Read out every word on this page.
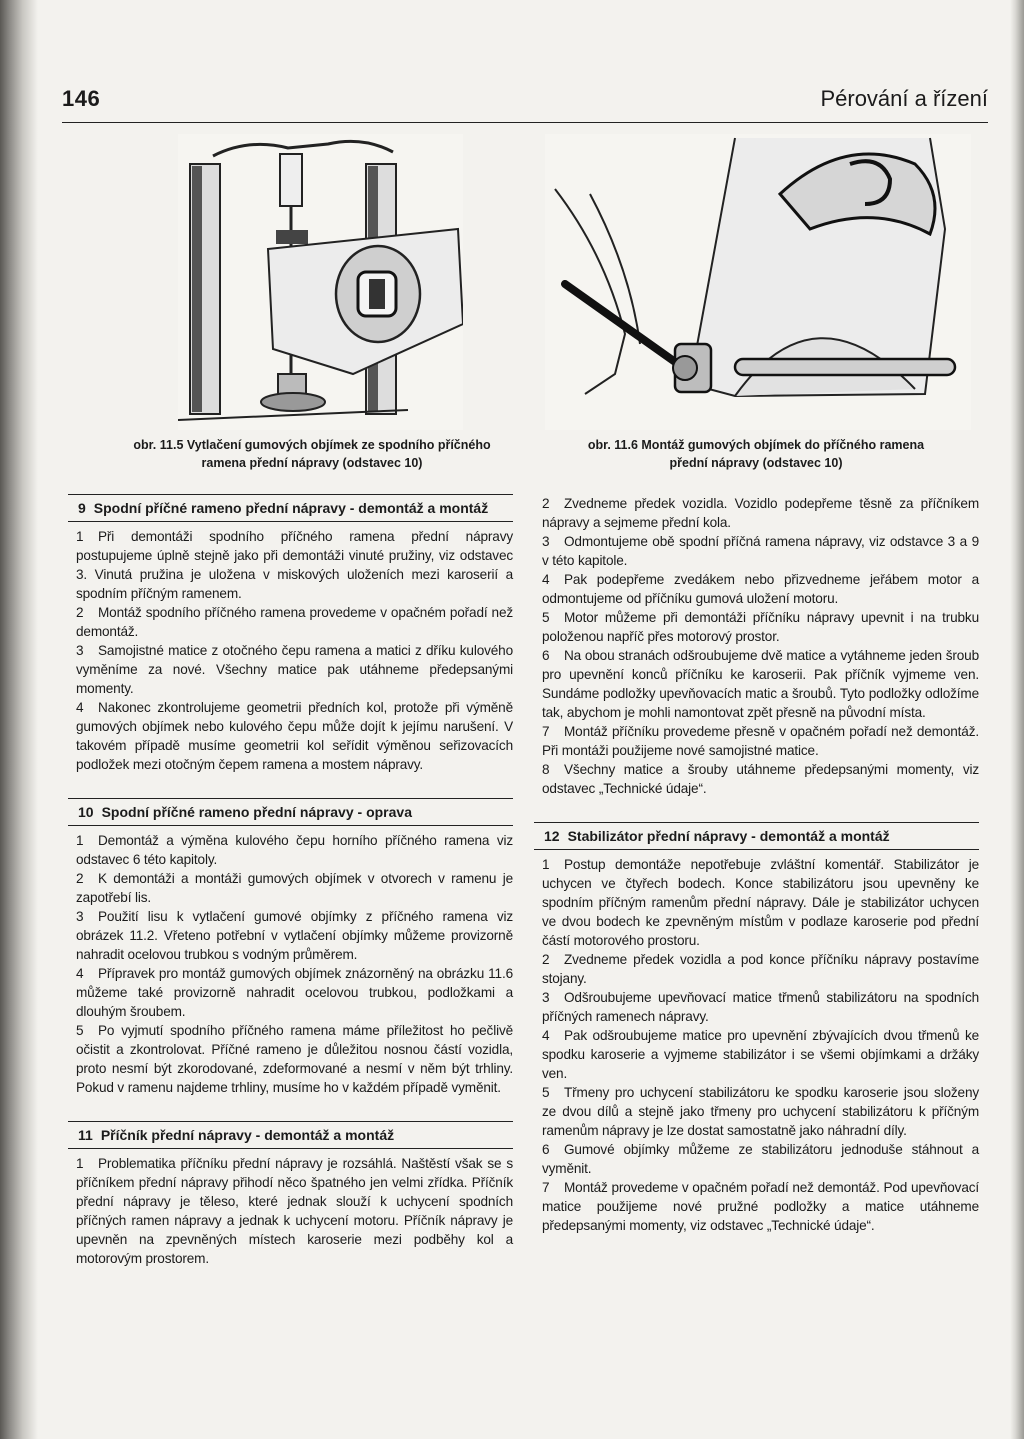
146	Pérování a řízení
obr. 11.5 Vytlačení gumových objímek ze spodního příčného
ramena přední nápravy (odstavec 10)
obr. 11.6 Montáž gumových objímek do příčného ramena
přední nápravy (odstavec 10)
9 Spodní příčné rameno přední nápravy - demontáž a montáž

1 Při demontáži spodního příčného ramena přední nápravy postupujeme úplně stejně jako při demontáži vinuté pružiny, viz odstavec 3. Vinutá pružina je uložena v miskových uloženích mezi karoserií a spodním příčným ramenem.

2 Montáž spodního příčného ramena provedeme v opačném pořadí než demontáž.

3 Samojistné matice z otočného čepu ramena a matici z dříku kulového vyměníme za nové. Všechny matice pak utáhneme předepsanými momenty.

4 Nakonec zkontrolujeme geometrii předních kol, protože při výměně gumových objímek nebo kulového čepu může dojít k jejímu narušení. V takovém případě musíme geometrii kol seřídit výměnou seřizovacích podložek mezi otočným čepem ramena a mostem nápravy.

10 Spodní příčné rameno přední nápravy - oprava

1 Demontáž a výměna kulového čepu horního příčného ramena viz odstavec 6 této kapitoly.

2 K demontáži a montáži gumových objímek v otvorech v ramenu je zapotřebí lis.

3 Použití lisu k vytlačení gumové objímky z příčného ramena viz obrázek 11.2. Vřeteno potřební v vytlačení objímky můžeme provizorně nahradit ocelovou trubkou s vodným průměrem.

4 Přípravek pro montáž gumových objímek znázorněný na obrázku 11.6 můžeme také provizorně nahradit ocelovou trubkou, podložkami a dlouhým šroubem.

5 Po vyjmutí spodního příčného ramena máme příležitost ho pečlivě očistit a zkontrolovat. Příčné rameno je důležitou nosnou částí vozidla, proto nesmí být zkorodované, zdeformované a nesmí v něm být trhliny. Pokud v ramenu najdeme trhliny, musíme ho v každém případě vyměnit.

11 Příčník přední nápravy - demontáž a montáž

1 Problematika příčníku přední nápravy je rozsáhlá. Naštěstí však se s příčníkem přední nápravy přihodí něco špatného jen velmi zřídka. Příčník přední nápravy je těleso, které jednak slouží k uchycení spodních příčných ramen nápravy a jednak k uchycení motoru. Příčník nápravy je upevněn na zpevněných místech karoserie mezi podběhy kol a motorovým prostorem.

2 Zvedneme předek vozidla. Vozidlo podepřeme těsně za příčníkem nápravy a sejmeme přední kola.

3 Odmontujeme obě spodní příčná ramena nápravy, viz odstavce 3 a 9 v této kapitole.

4 Pak podepřeme zvedákem nebo přizvedneme jeřábem motor a odmontujeme od příčníku gumová uložení motoru.

5 Motor můžeme při demontáži příčníku nápravy upevnit i na trubku položenou napříč přes motorový prostor.

6 Na obou stranách odšroubujeme dvě matice a vytáhneme jeden šroub pro upevnění konců příčníku ke karoserii. Pak příčník vyjmeme ven. Sundáme podložky upevňovacích matic a šroubů. Tyto podložky odložíme tak, abychom je mohli namontovat zpět přesně na původní místa.

7 Montáž příčníku provedeme přesně v opačném pořadí než demontáž. Při montáži použijeme nové samojistné matice.

8 Všechny matice a šrouby utáhneme předepsanými momenty, viz odstavec „Technické údaje“.

12 Stabilizátor přední nápravy - demontáž a montáž

1 Postup demontáže nepotřebuje zvláštní komentář. Stabilizátor je uchycen ve čtyřech bodech. Konce stabilizátoru jsou upevněny ke spodním příčným ramenům přední nápravy. Dále je stabilizátor uchycen ve dvou bodech ke zpevněným místům v podlaze karoserie pod přední částí motorového prostoru.

2 Zvedneme předek vozidla a pod konce příčníku nápravy postavíme stojany.

3 Odšroubujeme upevňovací matice třmenů stabilizátoru na spodních příčných ramenech nápravy.

4 Pak odšroubujeme matice pro upevnění zbývajících dvou třmenů ke spodku karoserie a vyjmeme stabilizátor i se všemi objímkami a držáky ven.

5 Třmeny pro uchycení stabilizátoru ke spodku karoserie jsou složeny ze dvou dílů a stejně jako třmeny pro uchycení stabilizátoru k příčným ramenům nápravy je lze dostat samostatně jako náhradní díly.

6 Gumové objímky můžeme ze stabilizátoru jednoduše stáhnout a vyměnit.

7 Montáž provedeme v opačném pořadí než demontáž. Pod upevňovací matice použijeme nové pružné podložky a matice utáhneme předepsanými momenty, viz odstavec „Technické údaje“.
